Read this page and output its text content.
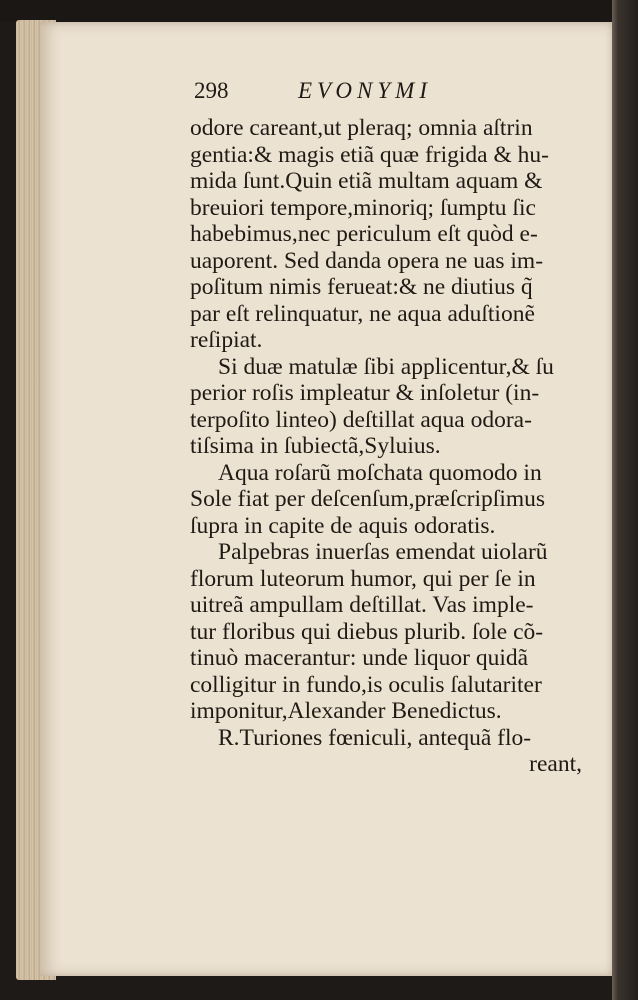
298	EVONYMI
odore careant,ut pleraq; omnia aſtrin
gentia:& magis etiã quæ frigida & hu-
mida ſunt.Quin etiã multam aquam &
breuiori tempore,minoriq; ſumptu ſic
habebimus,nec periculum eſt quòd e-
uaporent. Sed danda opera ne uas im-
poſitum nimis ferueat:& ne diutius q̃
par eſt relinquatur, ne aqua aduſtionẽ
reſipiat.
Si duæ matulæ ſibi applicentur,& ſu
perior roſis impleatur & inſoletur (in-
terpoſito linteo) deſtillat aqua odora-
tiſsima in ſubiectã,Syluius.
Aqua roſarũ moſchata quomodo in
Sole fiat per deſcenſum,præſcripſimus
ſupra in capite de aquis odoratis.
Palpebras inuerſas emendat uiolarũ
florum luteorum humor, qui per ſe in
uitreã ampullam deſtillat. Vas imple-
tur floribus qui diebus plurib. ſole cõ-
tinuò macerantur: unde liquor quidã
colligitur in fundo,is oculis ſalutariter
imponitur,Alexander Benedictus.
R.Turiones fœniculi, antequã flo-
reant,
